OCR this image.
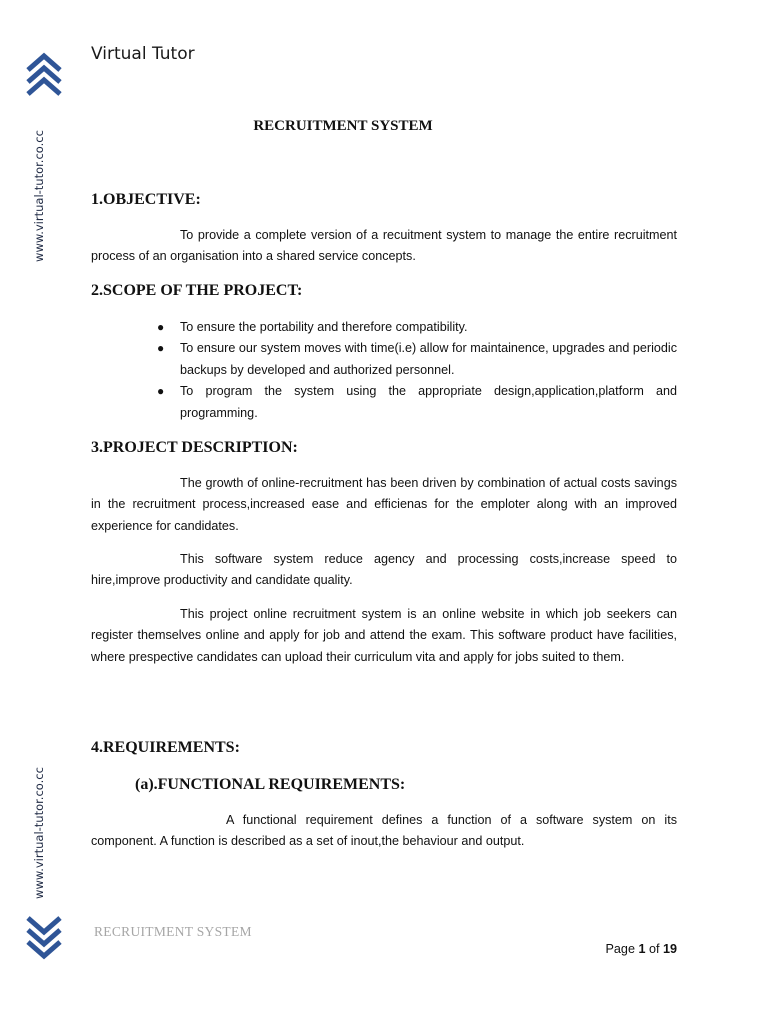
Virtual Tutor
www.virtual-tutor.co.cc
www.virtual-tutor.co.cc
RECRUITMENT SYSTEM
1.OBJECTIVE:
To provide a complete version of a recuitment system to manage the entire recruitment process of an organisation into a shared service concepts.
2.SCOPE OF THE PROJECT:
● To ensure the portability and therefore compatibility.
● To ensure our system moves with time(i.e) allow for maintainence, upgrades and periodic backups by developed and authorized personnel.
● To program the system using the appropriate design,application,platform and programming.
3.PROJECT DESCRIPTION:
The growth of online-recruitment has been driven by combination of actual costs savings in the recruitment process,increased ease and efficienas for the emploter along with an improved experience for candidates.
This software system reduce agency and processing costs,increase speed to hire,improve productivity and candidate quality.
This project online recruitment system is an online website in which job seekers can register themselves online and apply for job and attend the exam. This software product have facilities, where prespective candidates can upload their curriculum vita and apply for jobs suited to them.
4.REQUIREMENTS:
(a).FUNCTIONAL REQUIREMENTS:
A functional requirement defines a function of a software system on its component. A function is described as a set of inout,the behaviour and output.
RECRUITMENT SYSTEM
Page 1 of 19
